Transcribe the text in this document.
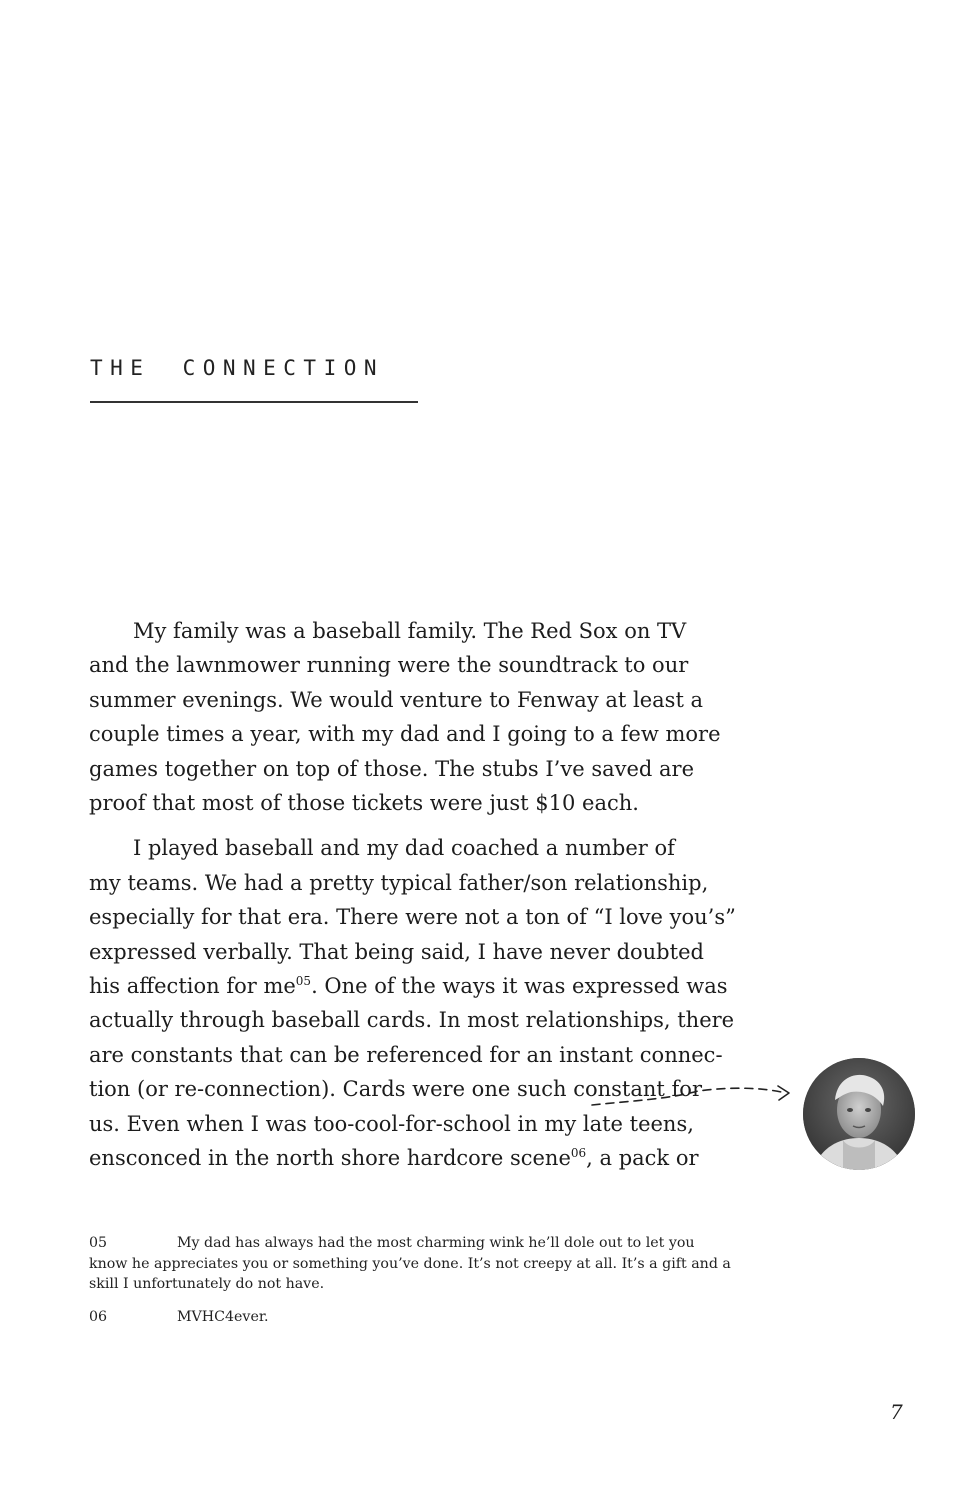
THE CONNECTION

My family was a baseball family. The Red Sox on TV
and the lawnmower running were the soundtrack to our
summer evenings. We would venture to Fenway at least a
couple times a year, with my dad and I going to a few more
games together on top of those. The stubs I’ve saved are
proof that most of those tickets were just $10 each.

I played baseball and my dad coached a number of
my teams. We had a pretty typical father/son relationship,
especially for that era. There were not a ton of “I love you’s”
expressed verbally. That being said, I have never doubted
his affection for me$^{05}$. One of the ways it was expressed was
actually through baseball cards. In most relationships, there
are constants that can be referenced for an instant connec-
tion (or re-connection). Cards were one such constant for
us. Even when I was too-cool-for-school in my late teens,
ensconced in the north shore hardcore scene$^{06}$, a pack or

05	My dad has always had the most charming wink he’ll dole out to let you
know he appreciates you or something you’ve done. It’s not creepy at all. It’s a gift and a
skill I unfortunately do not have.
06	MVHC4ever.
7
